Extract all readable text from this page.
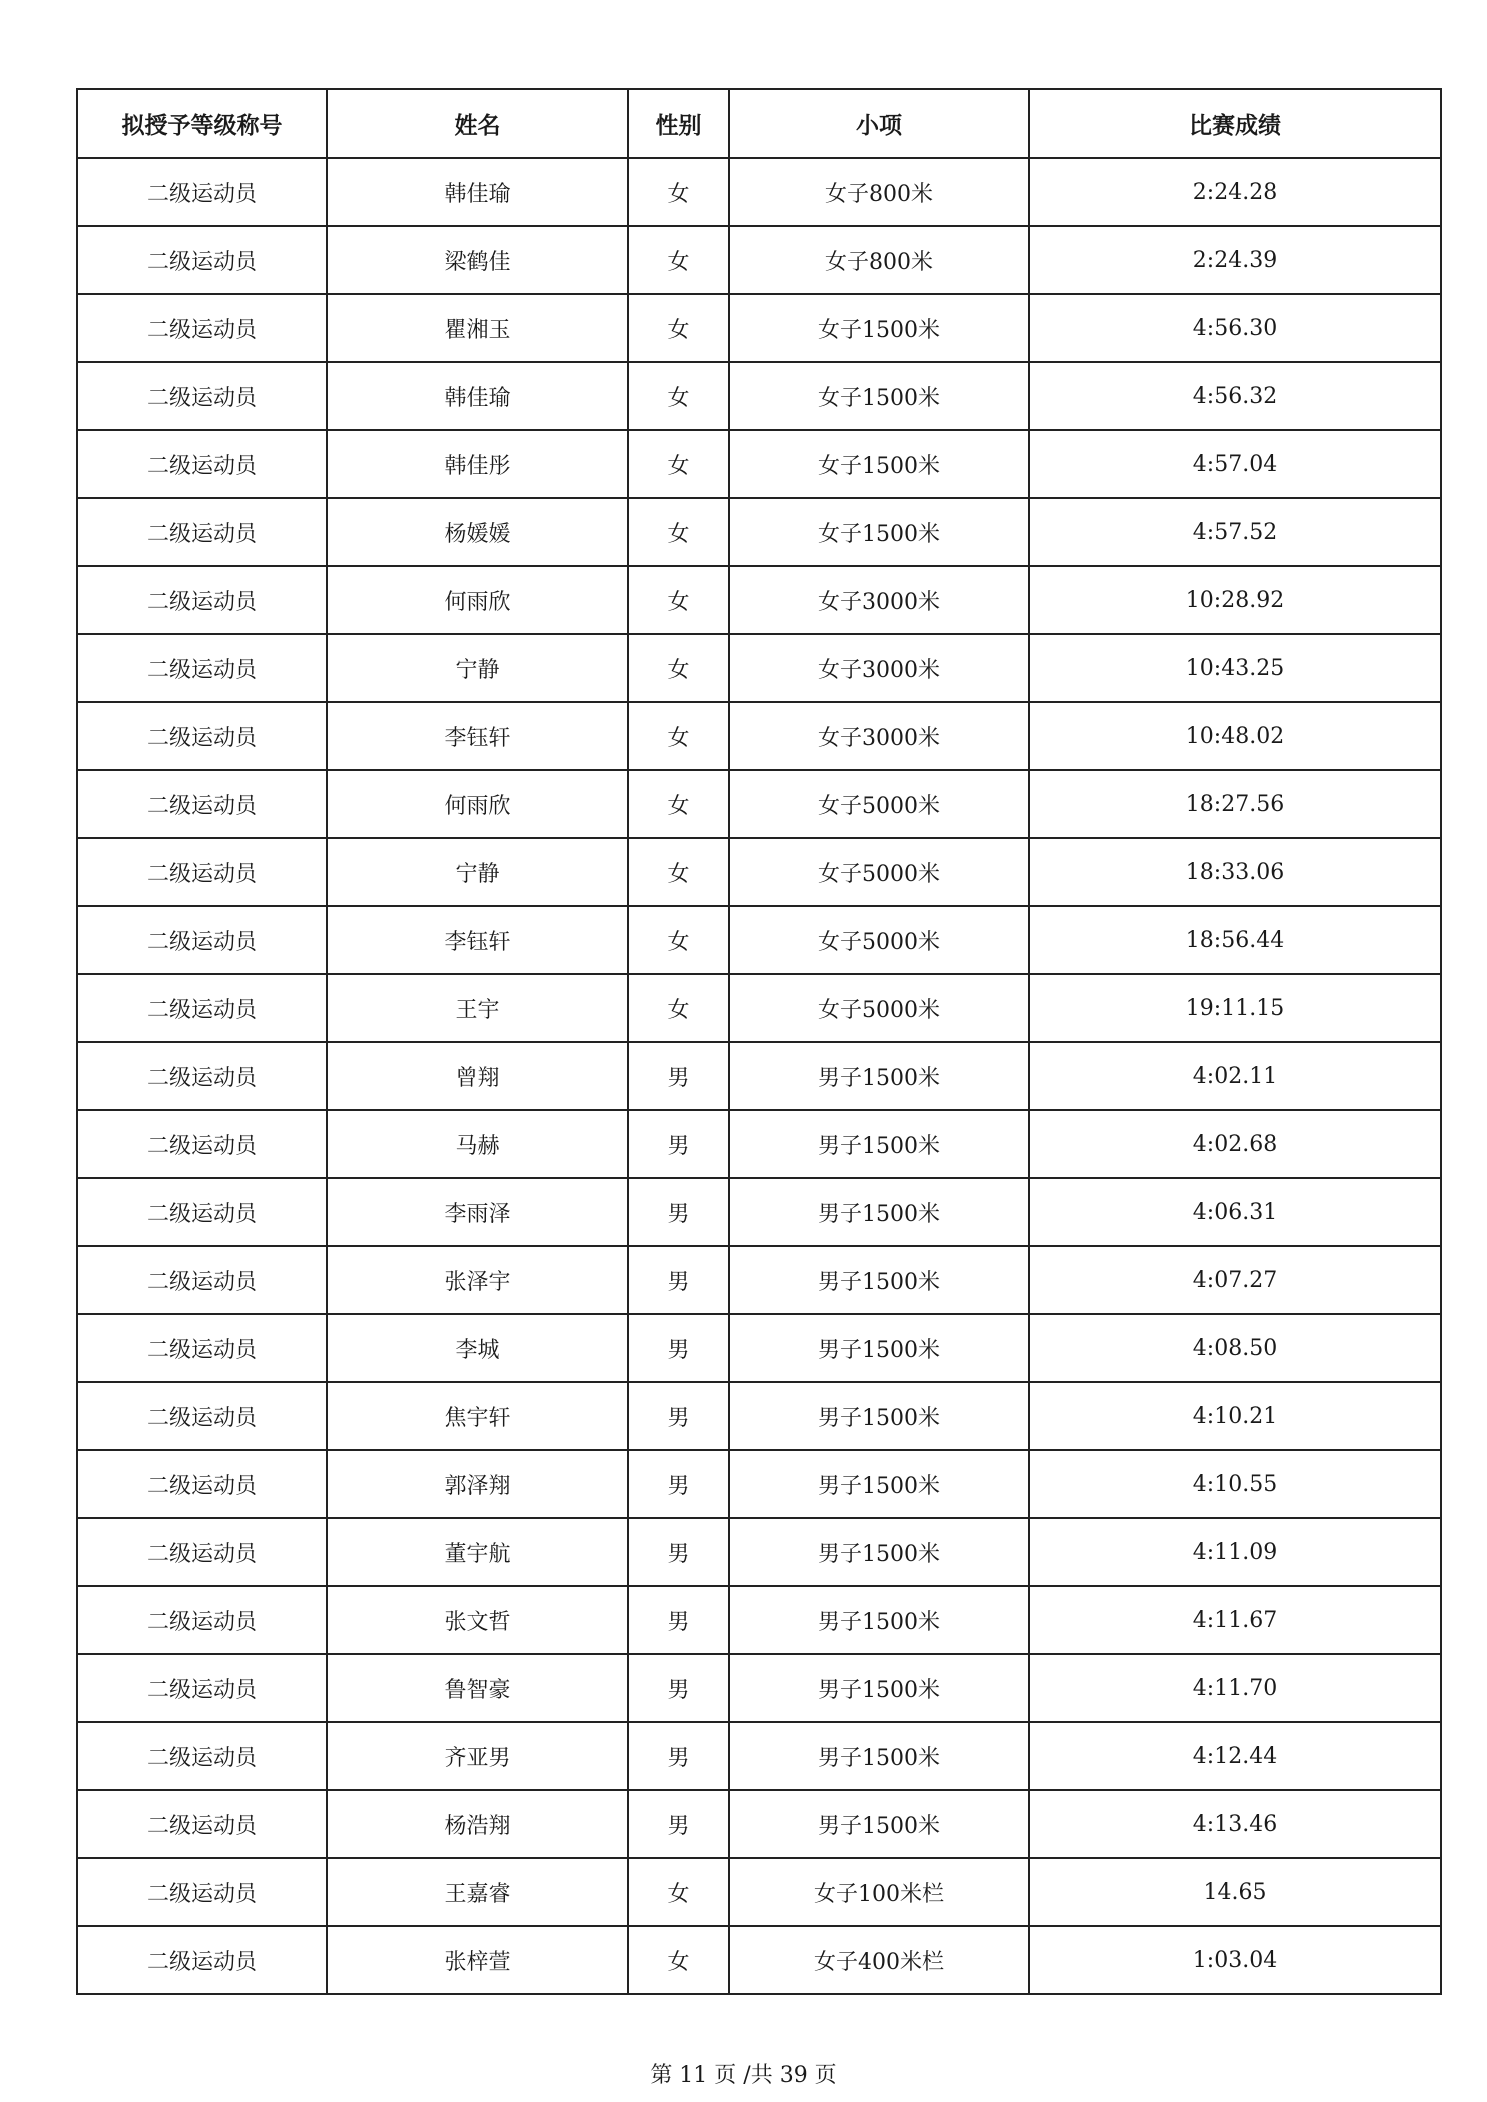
拟授予等级称号	姓名	性别	小项	比赛成绩
二级运动员	韩佳瑜	女	女子800米	2:24.28
二级运动员	梁鹤佳	女	女子800米	2:24.39
二级运动员	瞿湘玉	女	女子1500米	4:56.30
二级运动员	韩佳瑜	女	女子1500米	4:56.32
二级运动员	韩佳彤	女	女子1500米	4:57.04
二级运动员	杨媛媛	女	女子1500米	4:57.52
二级运动员	何雨欣	女	女子3000米	10:28.92
二级运动员	宁静	女	女子3000米	10:43.25
二级运动员	李钰轩	女	女子3000米	10:48.02
二级运动员	何雨欣	女	女子5000米	18:27.56
二级运动员	宁静	女	女子5000米	18:33.06
二级运动员	李钰轩	女	女子5000米	18:56.44
二级运动员	王宇	女	女子5000米	19:11.15
二级运动员	曾翔	男	男子1500米	4:02.11
二级运动员	马赫	男	男子1500米	4:02.68
二级运动员	李雨泽	男	男子1500米	4:06.31
二级运动员	张泽宇	男	男子1500米	4:07.27
二级运动员	李城	男	男子1500米	4:08.50
二级运动员	焦宇轩	男	男子1500米	4:10.21
二级运动员	郭泽翔	男	男子1500米	4:10.55
二级运动员	董宇航	男	男子1500米	4:11.09
二级运动员	张文哲	男	男子1500米	4:11.67
二级运动员	鲁智豪	男	男子1500米	4:11.70
二级运动员	齐亚男	男	男子1500米	4:12.44
二级运动员	杨浩翔	男	男子1500米	4:13.46
二级运动员	王嘉睿	女	女子100米栏	14.65
二级运动员	张梓萱	女	女子400米栏	1:03.04
第 11 页 /共 39 页
